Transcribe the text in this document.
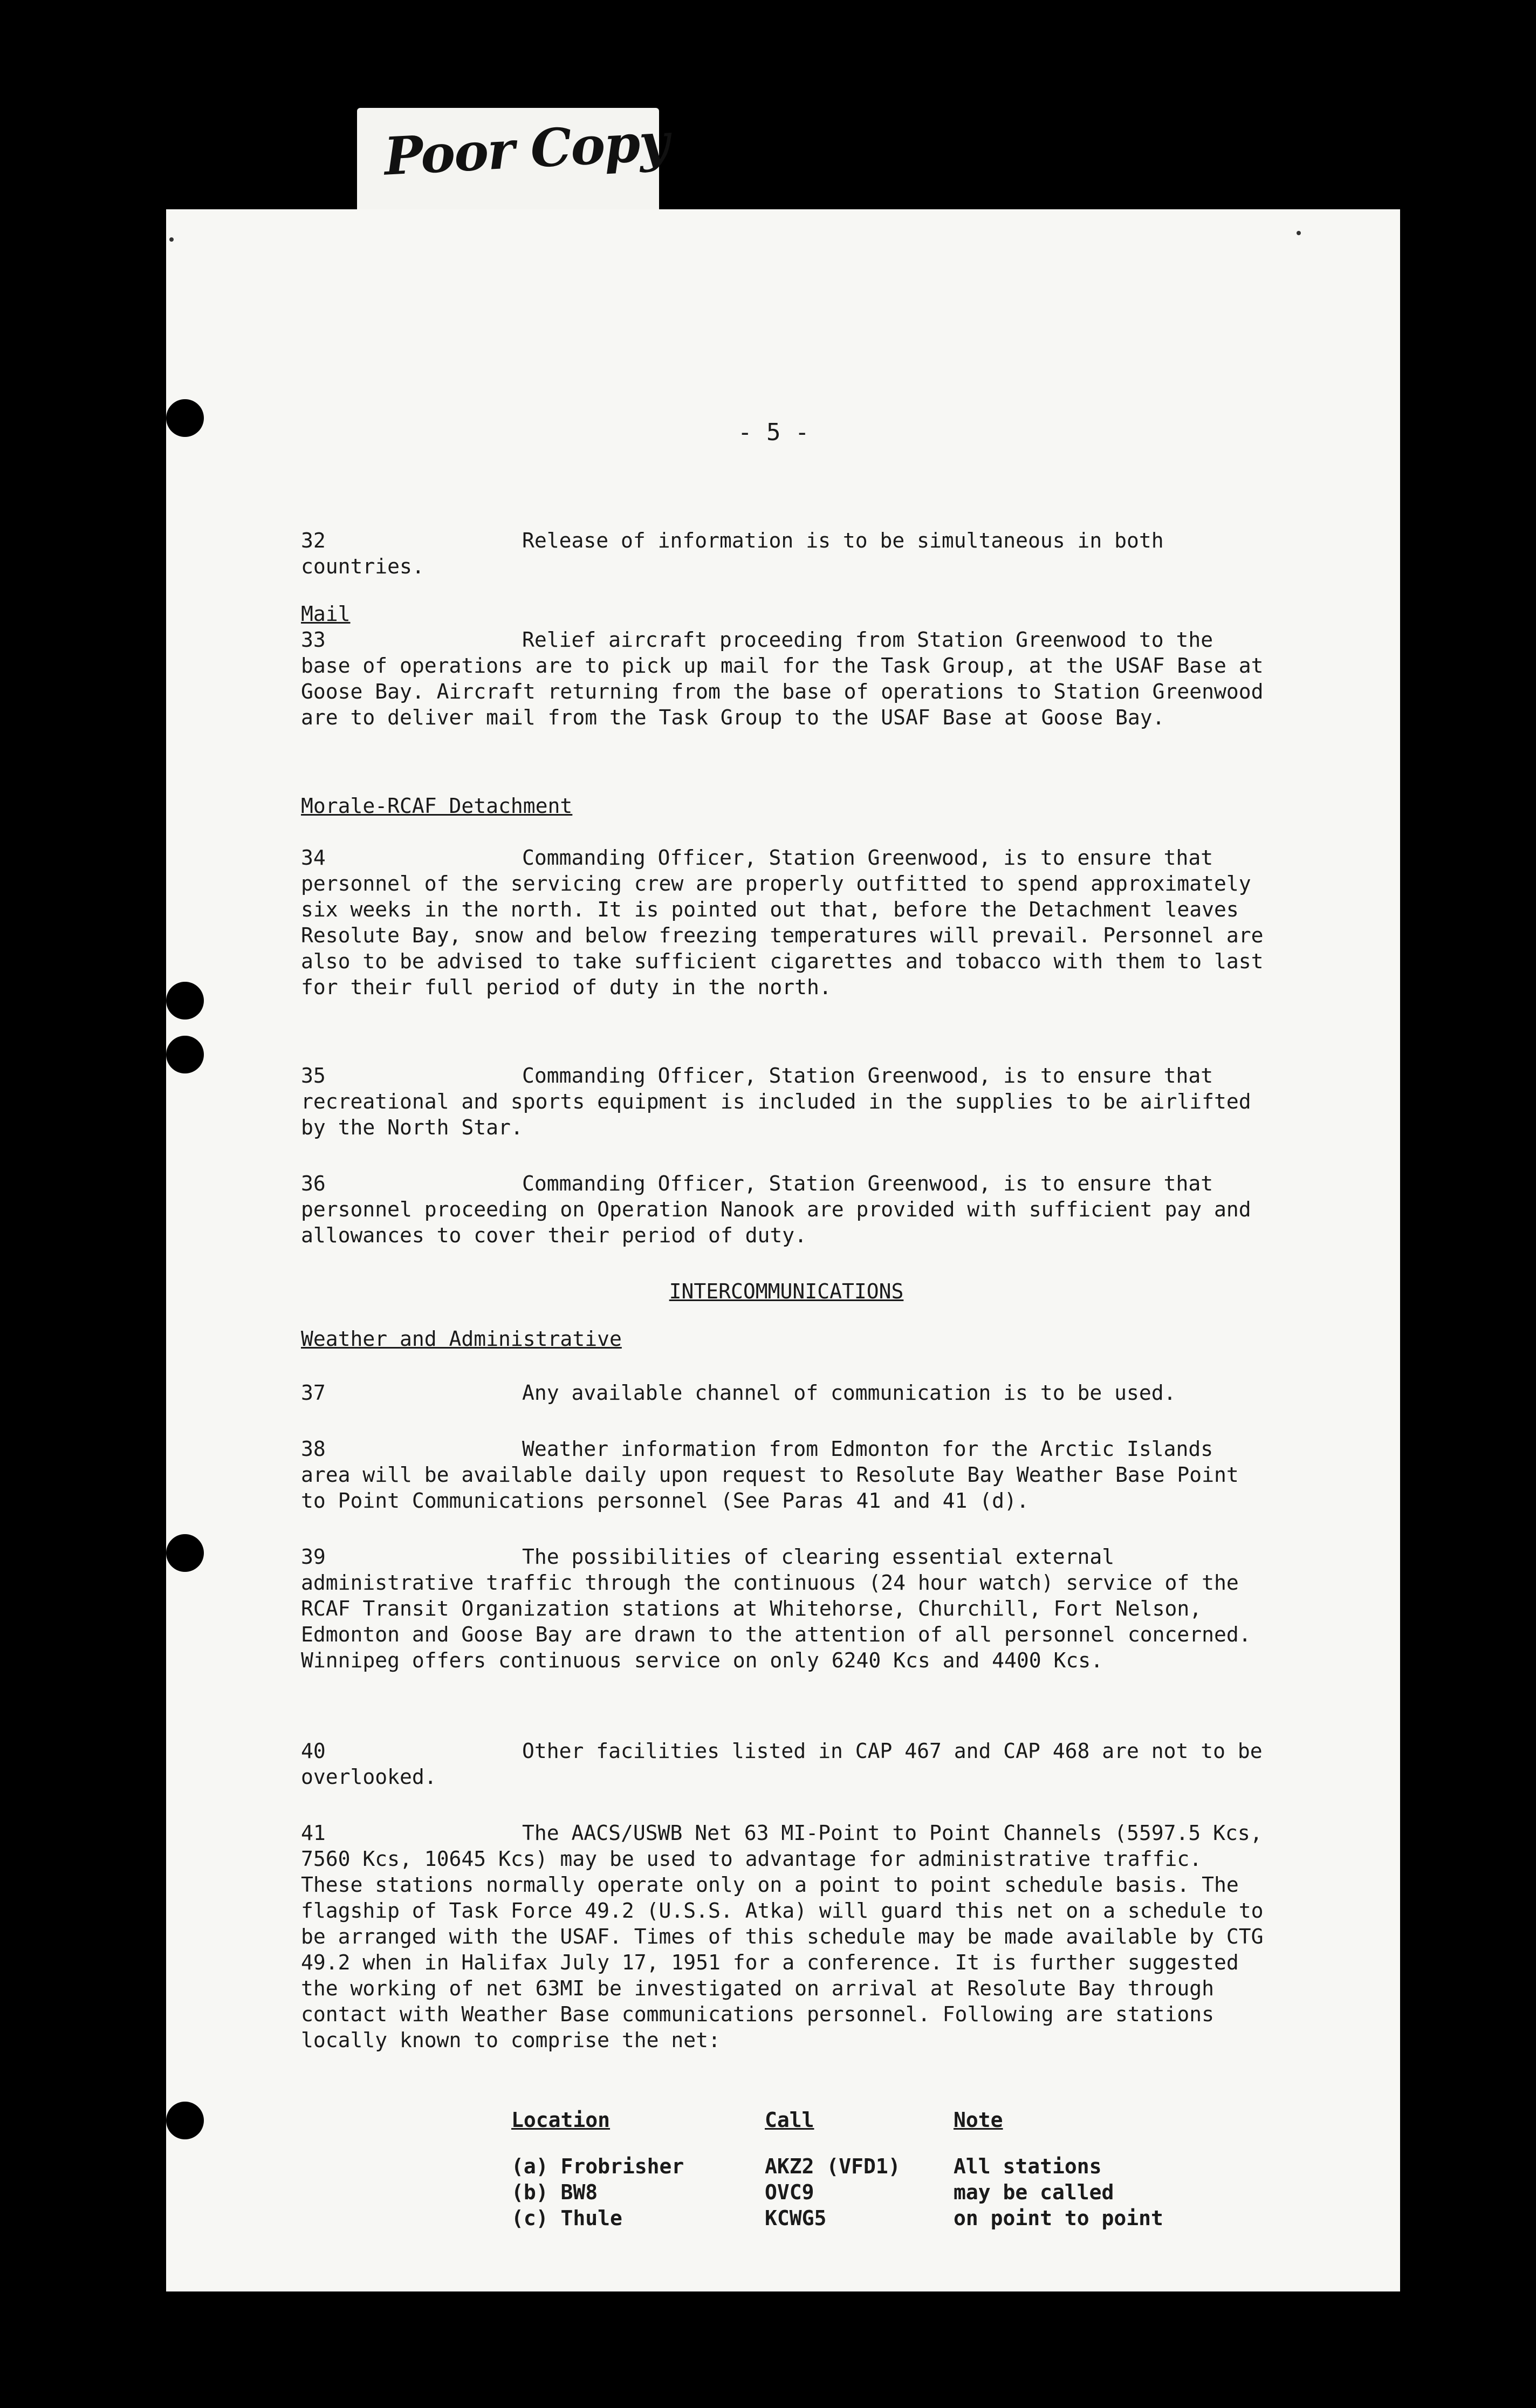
Poor Copy
- 5 -

32	Release of information is to be simultaneous in both countries.

Mail

33	Relief aircraft proceeding from Station Greenwood to the base of operations are to pick up mail for the Task Group, at the USAF Base at Goose Bay. Aircraft returning from the base of operations to Station Greenwood are to deliver mail from the Task Group to the USAF Base at Goose Bay.

Morale-RCAF Detachment

34	Commanding Officer, Station Greenwood, is to ensure that personnel of the servicing crew are properly outfitted to spend approximately six weeks in the north. It is pointed out that, before the Detachment leaves Resolute Bay, snow and below freezing temperatures will prevail. Personnel are also to be advised to take sufficient cigarettes and tobacco with them to last for their full period of duty in the north.

35	Commanding Officer, Station Greenwood, is to ensure that recreational and sports equipment is included in the supplies to be airlifted by the North Star.

36	Commanding Officer, Station Greenwood, is to ensure that personnel proceeding on Operation Nanook are provided with sufficient pay and allowances to cover their period of duty.

INTERCOMMUNICATIONS

Weather and Administrative

37	Any available channel of communication is to be used.

38	Weather information from Edmonton for the Arctic Islands area will be available daily upon request to Resolute Bay Weather Base Point to Point Communications personnel (See Paras 41 and 41 (d).

39	The possibilities of clearing essential external administrative traffic through the continuous (24 hour watch) service of the RCAF Transit Organization stations at Whitehorse, Churchill, Fort Nelson, Edmonton and Goose Bay are drawn to the attention of all personnel concerned. Winnipeg offers continuous service on only 6240 Kcs and 4400 Kcs.

40	Other facilities listed in CAP 467 and CAP 468 are not to be overlooked.

41	The AACS/USWB Net 63 MI-Point to Point Channels (5597.5 Kcs, 7560 Kcs, 10645 Kcs) may be used to advantage for administrative traffic. These stations normally operate only on a point to point schedule basis. The flagship of Task Force 49.2 (U.S.S. Atka) will guard this net on a schedule to be arranged with the USAF. Times of this schedule may be made available by CTG 49.2 when in Halifax July 17, 1951 for a conference. It is further suggested the working of net 63MI be investigated on arrival at Resolute Bay through contact with Weather Base communications personnel. Following are stations locally known to comprise the net:

Location	Call	Note
(a) Frobrisher	AKZ2 (VFD1)	All stations
(b) BW8	OVC9	may be called
(c) Thule	KCWG5	on point to point
